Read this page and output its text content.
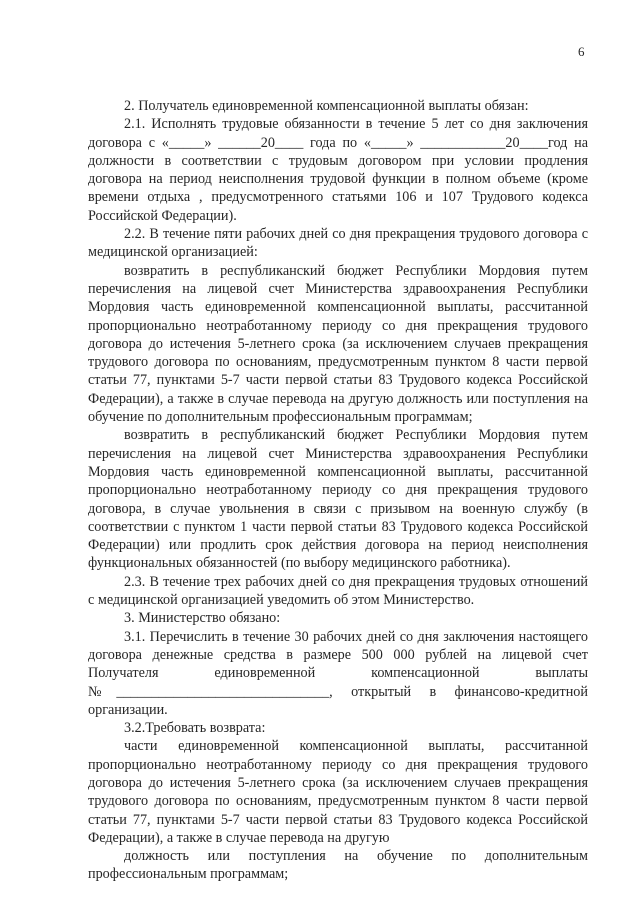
6

2. Получатель единовременной компенсационной выплаты обязан:

2.1. Исполнять трудовые обязанности в течение 5 лет со дня заключения договора с «_____» ______20____ года по «_____» ____________20____год на должности в соответствии с трудовым договором при условии продления договора на период неисполнения трудовой функции в полном объеме (кроме времени отдыха , предусмотренного статьями 106 и 107 Трудового кодекса Российской Федерации).

2.2. В течение пяти рабочих дней со дня прекращения трудового договора с медицинской организацией:

возвратить в республиканский бюджет Республики Мордовия путем перечисления на лицевой счет Министерства здравоохранения Республики Мордовия часть единовременной компенсационной выплаты, рассчитанной пропорционально неотработанному периоду со дня прекращения трудового договора до истечения 5-летнего срока (за исключением случаев прекращения трудового договора по основаниям, предусмотренным пунктом 8 части первой статьи 77, пунктами 5-7 части первой статьи 83 Трудового кодекса Российской Федерации), а также в случае перевода на другую должность или поступления на обучение по дополнительным профессиональным программам;

возвратить в республиканский бюджет Республики Мордовия путем перечисления на лицевой счет Министерства здравоохранения Республики Мордовия часть единовременной компенсационной выплаты, рассчитанной пропорционально неотработанному периоду со дня прекращения трудового договора, в случае увольнения в связи с призывом на военную службу (в соответствии с пунктом 1 части первой статьи 83 Трудового кодекса Российской Федерации) или продлить срок действия договора на период неисполнения функциональных обязанностей (по выбору медицинского работника).

2.3. В течение трех рабочих дней со дня прекращения трудовых отношений с медицинской организацией уведомить об этом Министерство.

3. Министерство обязано:

3.1. Перечислить в течение 30 рабочих дней со дня заключения настоящего договора денежные средства в размере 500 000 рублей на лицевой счет Получателя единовременной компенсационной выплаты №______________________________, открытый в финансово-кредитной организации.

3.2.Требовать возврата:

части единовременной компенсационной выплаты, рассчитанной пропорционально неотработанному периоду со дня прекращения трудового договора до истечения 5-летнего срока (за исключением случаев прекращения трудового договора по основаниям, предусмотренным пунктом 8 части первой статьи 77, пунктами 5-7 части первой статьи 83 Трудового кодекса Российской Федерации), а также в случае перевода на другую

должность или поступления на обучение по дополнительным профессиональным программам;
